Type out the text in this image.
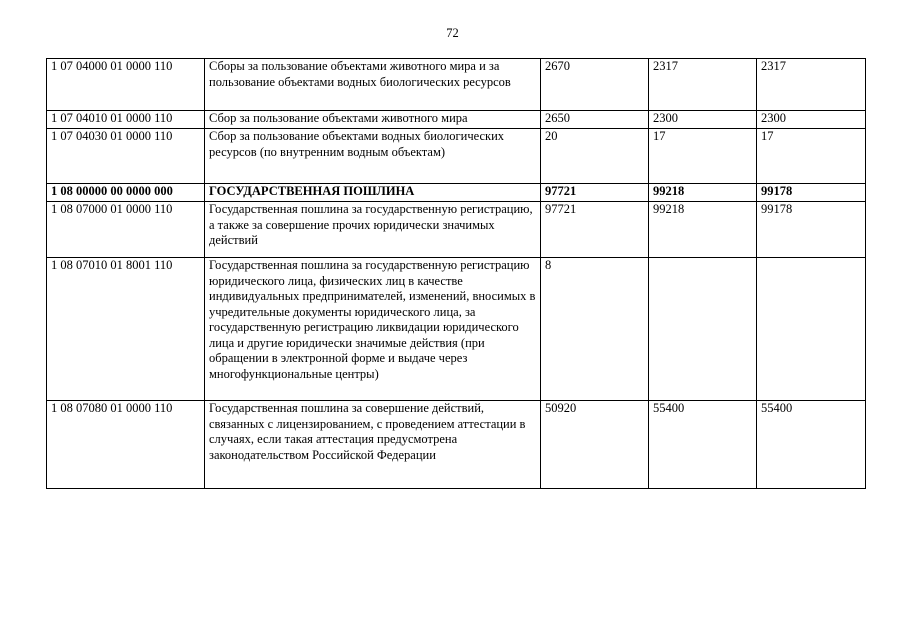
72
1 07 04000 01 0000 110	Сборы за пользование объектами животного мира и за пользование объектами водных биологических ресурсов	2670	2317	2317
1 07 04010 01 0000 110	Сбор за пользование объектами животного мира	2650	2300	2300
1 07 04030 01 0000 110	Сбор за пользование объектами водных биологических ресурсов (по внутренним водным объектам)	20	17	17
1 08 00000 00 0000 000	ГОСУДАРСТВЕННАЯ ПОШЛИНА	97721	99218	99178
1 08 07000 01 0000 110	Государственная пошлина за государственную регистрацию, а также за совершение прочих юридически значимых действий	97721	99218	99178
1 08 07010 01 8001 110	Государственная пошлина за государственную регистрацию юридического лица, физических лиц в качестве индивидуальных предпринимателей, изменений, вносимых в учредительные документы юридического лица, за государственную регистрацию ликвидации юридического лица и другие юридически значимые действия (при обращении в электронной форме и выдаче через многофункциональные центры)	8		
1 08 07080 01 0000 110	Государственная пошлина за совершение действий, связанных с лицензированием, с проведением аттестации в случаях, если такая аттестация предусмотрена законодательством Российской Федерации	50920	55400	55400
